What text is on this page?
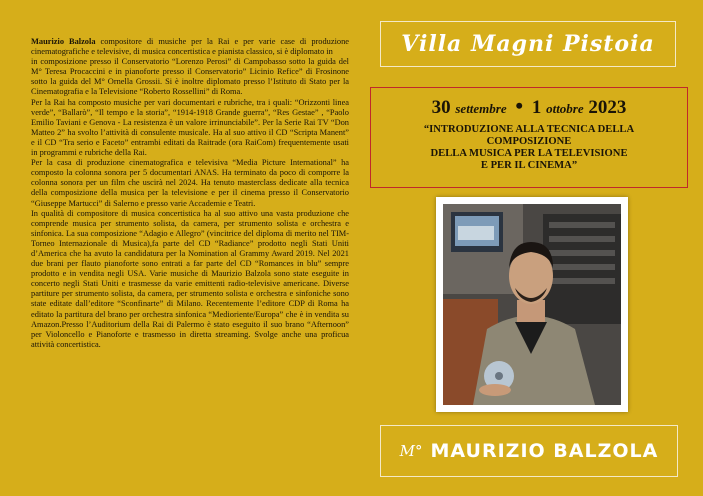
Maurizio Balzola compositore di musiche per la Rai e per varie case di produzione cinematografiche e televisive, di musica concertistica e pianista classico, si è diplomato in

in composizione presso il Conservatorio “Lorenzo Perosi” di Campobasso sotto la guida del M° Teresa Procaccini e in pianoforte presso il Conservatorio” Licinio Refice” di Frosinone sotto la guida del M° Ornella Grossii. Si è inoltre diplomato presso l’Istituto di Stato per la Cinematografia e la Televisione “Roberto Rossellini” di Roma.

Per la Rai ha composto musiche per vari documentari e rubriche, tra i quali: “Orizzonti linea verde”, “Ballarò”, “Il tempo e la storia”, “1914-1918 Grande guerra”, “Res Gestae” , “Paolo Emilio Taviani e Genova - La resistenza è un valore irrinunciabile”. Per la Serie Rai TV “Don Matteo 2” ha svolto l’attività di consulente musicale. Ha al suo attivo il CD “Scripta Manent” e il CD “Tra serio e Faceto” entrambi editati da Raitrade (ora RaiCom) frequentemente usati in programmi e rubriche della Rai.

Per la casa di produzione cinematografica e televisiva “Media Picture International” ha composto la colonna sonora per 5 documentari ANAS. Ha terminato da poco di comporre la colonna sonora per un film che uscirà nel 2024. Ha tenuto masterclass dedicate alla tecnica della composizione della musica per la televisione e per il cinema presso il Conservatorio “Giuseppe Martucci” di Salerno e presso varie Accademie e Teatri.

In qualità di compositore di musica concertistica ha al suo attivo una vasta produzione che comprende musica per strumento solista, da camera, per strumento solista e orchestra e sinfonica. La sua composizione “Adagio e Allegro” (vincitrice del diploma di merito nel TIM- Torneo Internazionale di Musica),fa parte del CD “Radiance” prodotto negli Stati Uniti d’America che ha avuto la candidatura per la Nomination al Grammy Award 2019. Nel 2021 due brani per flauto pianoforte sono entrati a far parte del CD “Romances in blu” sempre prodotto e in vendita negli USA. Varie musiche di Maurizio Balzola sono state eseguite in concerto negli Stati Uniti e trasmesse da varie emittenti radio-televisive americane. Diverse partiture per strumento solista, da camera, per strumento solista e orchestra e sinfoniche sono state editate dall’editore “Sconfinarte” di Milano. Recentemente l’editore CDP di Roma ha editato la partitura del brano per orchestra sinfonica “Medioriente/Europa” che è in vendita su Amazon.Presso l’Auditorium della Rai di Palermo è stato eseguito il suo brano “Afternoon” per Violoncello e Pianoforte e trasmesso in diretta streaming. Svolge anche una proficua attività concertistica.

Villa Magni Pistoia
30 settembre • 1 ottobre 2023
“INTRODUZIONE ALLA TECNICA DELLA
COMPOSIZIONE
DELLA MUSICA PER LA TELEVISIONE
E PER IL CINEMA”
M° MAURIZIO BALZOLA
